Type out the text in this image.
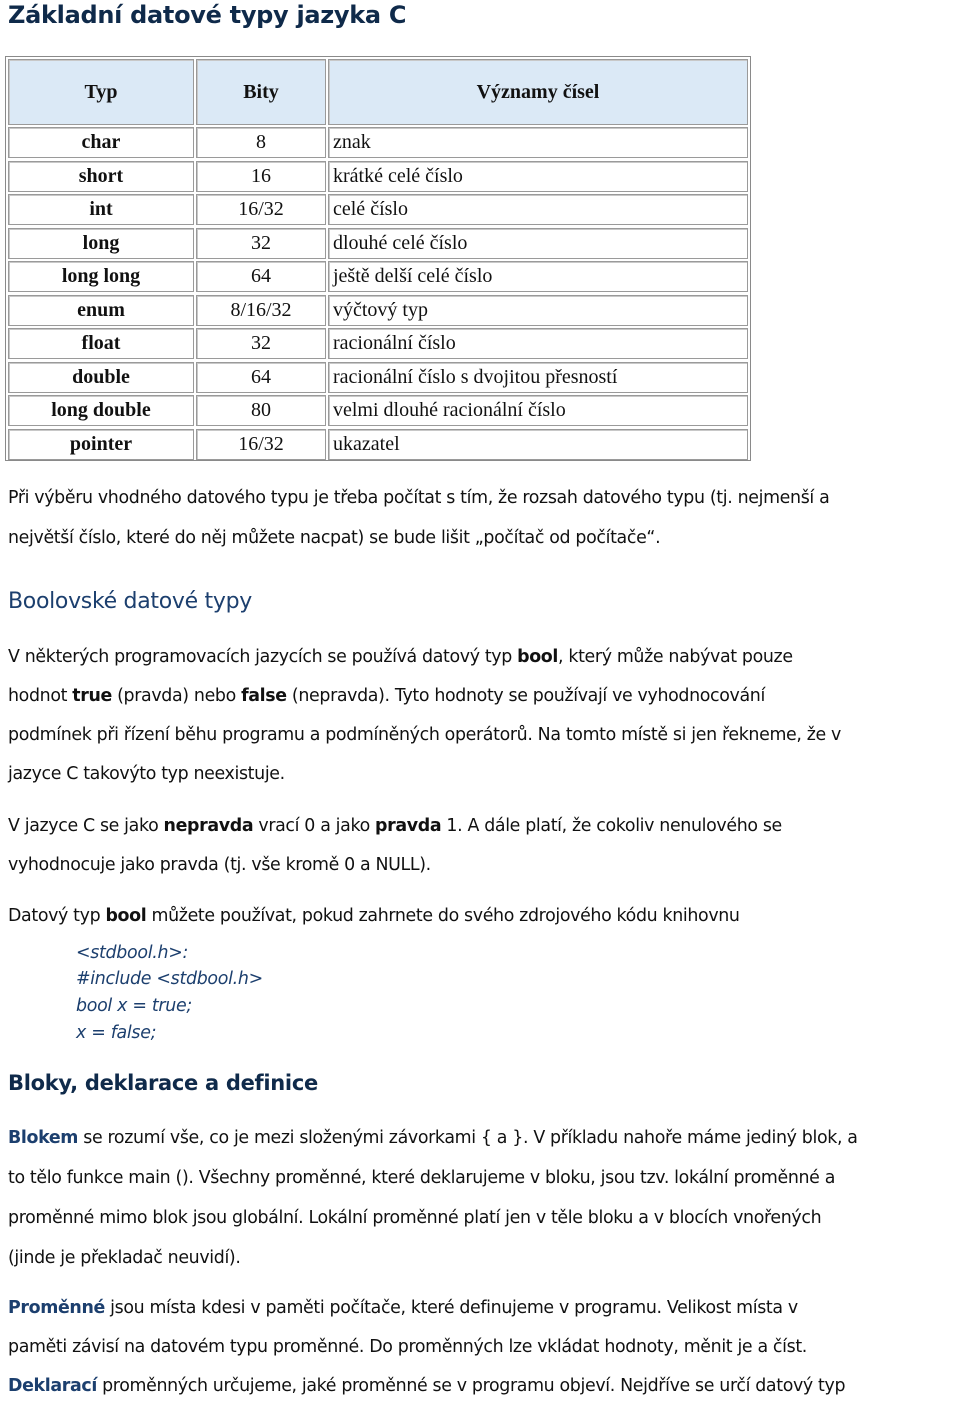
Základní datové typy jazyka C
Typ	Bity	Významy čísel
char	8	znak
short	16	krátké celé číslo
int	16/32	celé číslo
long	32	dlouhé celé číslo
long long	64	ještě delší celé číslo
enum	8/16/32	výčtový typ
float	32	racionální číslo
double	64	racionální číslo s dvojitou přesností
long double	80	velmi dlouhé racionální číslo
pointer	16/32	ukazatel
Při výběru vhodného datového typu je třeba počítat s tím, že rozsah datového typu (tj. nejmenší a
největší číslo, které do něj můžete nacpat) se bude lišit „počítač od počítače“.
Boolovské datové typy
V některých programovacích jazycích se používá datový typ bool, který může nabývat pouze
hodnot true (pravda) nebo false (nepravda). Tyto hodnoty se používají ve vyhodnocování
podmínek při řízení běhu programu a podmíněných operátorů. Na tomto místě si jen řekneme, že v
jazyce C takovýto typ neexistuje.
V jazyce C se jako nepravda vrací 0 a jako pravda 1. A dále platí, že cokoliv nenulového se
vyhodnocuje jako pravda (tj. vše kromě 0 a NULL).
Datový typ bool můžete používat, pokud zahrnete do svého zdrojového kódu knihovnu
<stdbool.h>:
#include <stdbool.h>
bool x = true;
x = false;
Bloky, deklarace a definice
Blokem se rozumí vše, co je mezi složenými závorkami { a }. V příkladu nahoře máme jediný blok, a
to tělo funkce main (). Všechny proměnné, které deklarujeme v bloku, jsou tzv. lokální proměnné a
proměnné mimo blok jsou globální. Lokální proměnné platí jen v těle bloku a v blocích vnořených
(jinde je překladač neuvidí).
Proměnné jsou místa kdesi v paměti počítače, které definujeme v programu. Velikost místa v
paměti závisí na datovém typu proměnné. Do proměnných lze vkládat hodnoty, měnit je a číst.
Deklarací proměnných určujeme, jaké proměnné se v programu objeví. Nejdříve se určí datový typ
